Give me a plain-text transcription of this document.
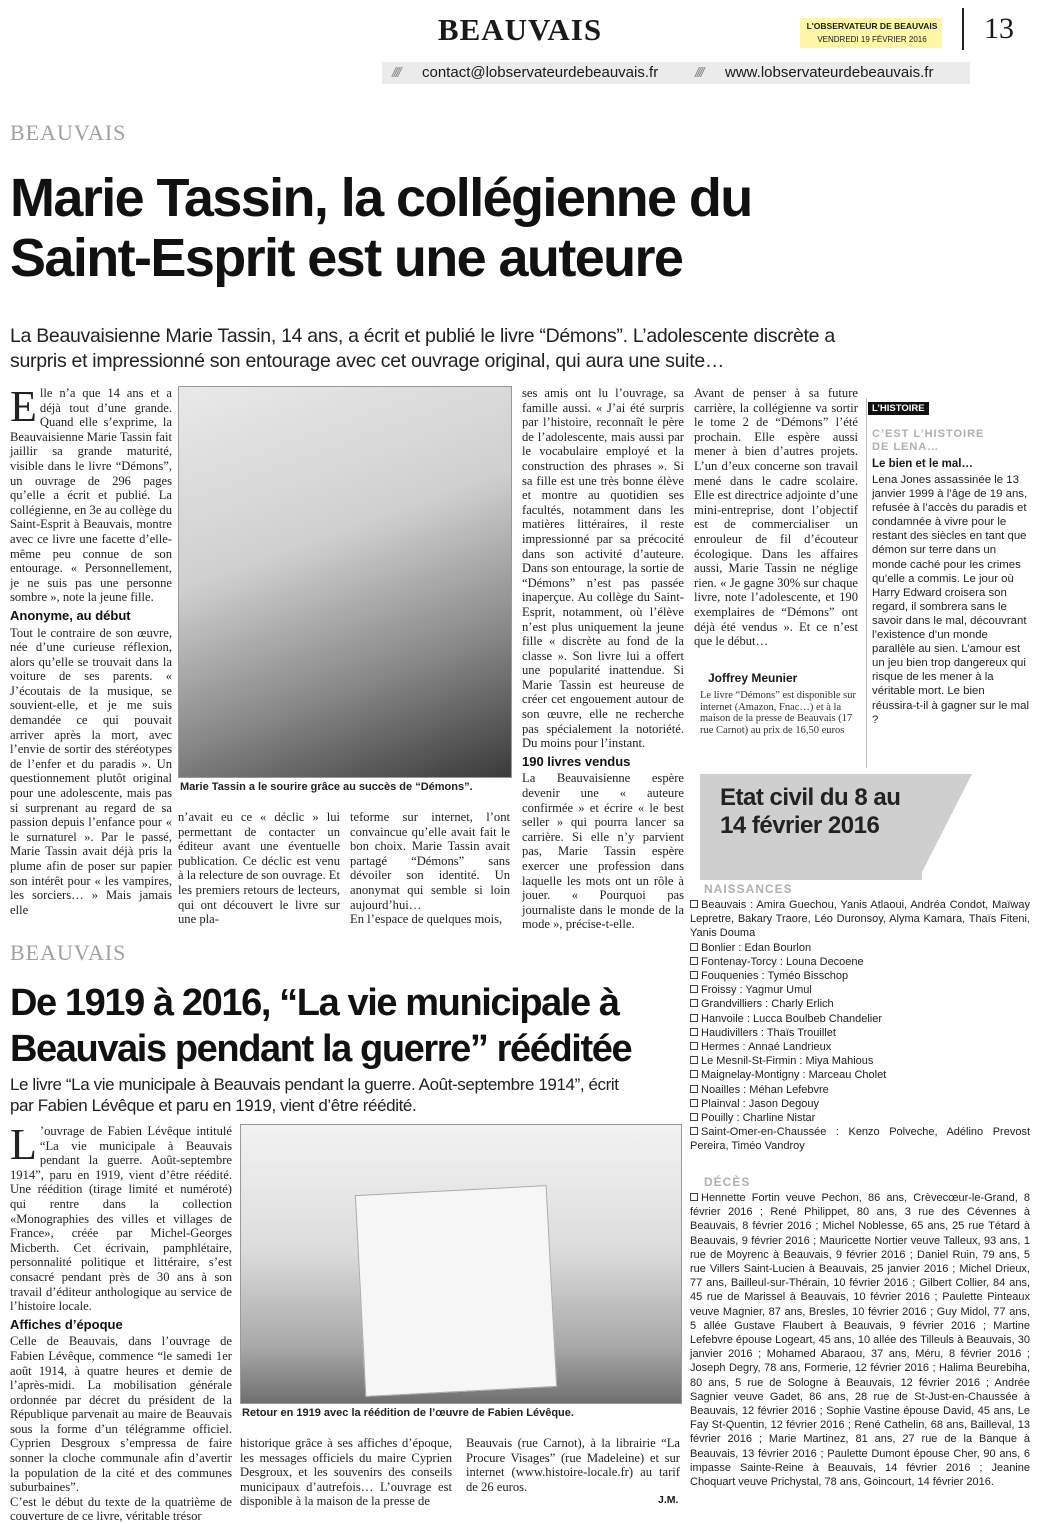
BEAUVAIS	L'OBSERVATEUR DE BEAUVAIS
VENDREDI 19 FÉVRIER 2016	13
//// contact@lobservateurdebeauvais.fr	//// www.lobservateurdebeauvais.fr
BEAUVAIS
Marie Tassin, la collégienne du
Saint-Esprit est une auteure
La Beauvaisienne Marie Tassin, 14 ans, a écrit et publié le livre “Démons”. L’adolescente discrète a
surpris et impressionné son entourage avec cet ouvrage original, qui aura une suite…

Elle n’a que 14 ans et a déjà tout d’une grande. Quand elle s’exprime, la Beauvaisienne Marie Tassin fait jaillir sa grande maturité, visible dans le livre “Démons”, un ouvrage de 296 pages qu’elle a écrit et publié. La collégienne, en 3e au collège du Saint-Esprit à Beauvais, montre avec ce livre une facette d’elle-même peu connue de son entourage. « Personnellement, je ne suis pas une personne sombre », note la jeune fille.

Anonyme, au début

Tout le contraire de son œuvre, née d’une curieuse réflexion, alors qu’elle se trouvait dans la voiture de ses parents. « J’écoutais de la musique, se souvient-elle, et je me suis demandée ce qui pouvait arriver après la mort, avec l’envie de sortir des stéréotypes de l’enfer et du paradis ». Un questionnement plutôt original pour une adolescente, mais pas si surprenant au regard de sa passion depuis l’enfance pour « le surnaturel ». Par le passé, Marie Tassin avait déjà pris la plume afin de poser sur papier son intérêt pour « les vampires, les sorciers… » Mais jamais elle

Marie Tassin a le sourire grâce au succès de “Démons”.
n’avait eu ce « déclic » lui permettant de contacter un éditeur avant une éventuelle publication. Ce déclic est venu à la relecture de son ouvrage. Et les premiers retours de lecteurs, qui ont découvert le livre sur une pla-

teforme sur internet, l’ont convaincue qu’elle avait fait le bon choix. Marie Tassin avait partagé “Démons” sans dévoiler son identité. Un anonymat qui semble si loin aujourd’hui…

En l’espace de quelques mois,

ses amis ont lu l’ouvrage, sa famille aussi. « J’ai été surpris par l’histoire, reconnaît le père de l’adolescente, mais aussi par le vocabulaire employé et la construction des phrases ». Si sa fille est une très bonne élève et montre au quotidien ses facultés, notamment dans les matières littéraires, il reste impressionné par sa précocité dans son activité d’auteure. Dans son entourage, la sortie de “Démons” n’est pas passée inaperçue. Au collège du Saint-Esprit, notamment, où l’élève n’est plus uniquement la jeune fille « discrète au fond de la classe ». Son livre lui a offert une popularité inattendue. Si Marie Tassin est heureuse de créer cet engouement autour de son œuvre, elle ne recherche pas spécialement la notoriété. Du moins pour l’instant.

190 livres vendus

La Beauvaisienne espère devenir une « auteure confirmée » et écrire « le best seller » qui pourra lancer sa carrière. Si elle n’y parvient pas, Marie Tassin espère exercer une profession dans laquelle les mots ont un rôle à jouer. « Pourquoi pas journaliste dans le monde de la mode », précise-t-elle.

Avant de penser à sa future carrière, la collégienne va sortir le tome 2 de “Démons” l’été prochain. Elle espère aussi mener à bien d’autres projets. L’un d’eux concerne son travail mené dans le cadre scolaire. Elle est directrice adjointe d’une mini-entreprise, dont l’objectif est de commercialiser un enrouleur de fil d’écouteur écologique. Dans les affaires aussi, Marie Tassin ne néglige rien. « Je gagne 30% sur chaque livre, note l’adolescente, et 190 exemplaires de “Démons” ont déjà été vendus ». Et ce n’est que le début…
Joffrey Meunier
Le livre “Démons” est disponible sur internet (Amazon, Fnac…) et à la maison de la presse de Beauvais (17 rue Carnot) au prix de 16,50 euros
L’HISTOIRE
C’EST L’HISTOIRE
DE LENA…
Le bien et le mal…
Lena Jones assassinée le 13 janvier 1999 à l’âge de 19 ans, refusée à l’accès du paradis et condamnée à vivre pour le restant des siècles en tant que démon sur terre dans un monde caché pour les crimes qu’elle a commis. Le jour où Harry Edward croisera son regard, il sombrera sans le savoir dans le mal, découvrant l’existence d’un monde parallèle au sien. L’amour est un jeu bien trop dangereux qui risque de les mener à la véritable mort. Le bien réussira-t-il à gagner sur le mal ?
Etat civil du 8 au
14 février 2016
NAISSANCES
Beauvais : Amira Guechou, Yanis Atlaoui, Andréa Condot, Maïway Lepretre, Bakary Traore, Léo Duronsoy, Alyma Kamara, Thaïs Fiteni, Yanis Douma
Bonlier : Edan Bourlon
Fontenay-Torcy : Louna Decoene
Fouquenies : Tyméo Bisschop
Froissy : Yagmur Umul
Grandvilliers : Charly Erlich
Hanvoile : Lucca Boulbeb Chandelier
Haudivillers : Thaïs Trouillet
Hermes : Annaé Landrieux
Le Mesnil-St-Firmin : Miya Mahious
Maignelay-Montigny : Marceau Cholet
Noailles : Méhan Lefebvre
Plainval : Jason Degouy
Pouilly : Charline Nistar
Saint-Omer-en-Chaussée : Kenzo Polveche, Adélino Prevost Pereira, Timéo Vandroy
DÉCÈS
Hennette Fortin veuve Pechon, 86 ans, Crèvecœur-le-Grand, 8 février 2016 ; René Philippet, 80 ans, 3 rue des Cévennes à Beauvais, 8 février 2016 ; Michel Noblesse, 65 ans, 25 rue Tétard à Beauvais, 9 février 2016 ; Mauricette Nortier veuve Talleux, 93 ans, 1 rue de Moyrenc à Beauvais, 9 février 2016 ; Daniel Ruin, 79 ans, 5 rue Villers Saint-Lucien à Beauvais, 25 janvier 2016 ; Michel Drieux, 77 ans, Bailleul-sur-Thérain, 10 février 2016 ; Gilbert Collier, 84 ans, 45 rue de Marissel à Beauvais, 10 février 2016 ; Paulette Pinteaux veuve Magnier, 87 ans, Bresles, 10 février 2016 ; Guy Midol, 77 ans, 5 allée Gustave Flaubert à Beauvais, 9 février 2016 ; Martine Lefebvre épouse Logeart, 45 ans, 10 allée des Tilleuls à Beauvais, 30 janvier 2016 ; Mohamed Abaraou, 37 ans, Méru, 8 février 2016 ; Joseph Degry, 78 ans, Formerie, 12 février 2016 ; Halima Beurebiha, 80 ans, 5 rue de Sologne à Beauvais, 12 février 2016 ; Andrée Sagnier veuve Gadet, 86 ans, 28 rue de St-Just-en-Chaussée à Beauvais, 12 février 2016 ; Sophie Vastine épouse David, 45 ans, Le Fay St-Quentin, 12 février 2016 ; René Cathelin, 68 ans, Bailleval, 13 février 2016 ; Marie Martinez, 81 ans, 27 rue de la Banque à Beauvais, 13 février 2016 ; Paulette Dumont épouse Cher, 90 ans, 6 impasse Sainte-Reine à Beauvais, 14 février 2016 ; Jeanine Choquart veuve Prichystal, 78 ans, Goincourt, 14 février 2016.
BEAUVAIS
De 1919 à 2016, “La vie municipale à
Beauvais pendant la guerre” rééditée
Le livre “La vie municipale à Beauvais pendant la guerre. Août-septembre 1914”, écrit
par Fabien Lévêque et paru en 1919, vient d’être réédité.

L ’ouvrage de Fabien Lévêque intitulé “La vie municipale à Beauvais pendant la guerre. Août-septembre 1914”, paru en 1919, vient d’être réédité. Une réédition (tirage limité et numéroté) qui rentre dans la collection «Monographies des villes et villages de France», créée par Michel-Georges Micberth. Cet écrivain, pamphlétaire, personnalité politique et littéraire, s’est consacré pendant près de 30 ans à son travail d’éditeur anthologique au service de l’histoire locale.

Affiches d’époque

Celle de Beauvais, dans l’ouvrage de Fabien Lévêque, commence “le samedi 1er août 1914, à quatre heures et demie de l’après-midi. La mobilisation générale ordonnée par décret du président de la République parvenait au maire de Beauvais sous la forme d’un télégramme officiel. Cyprien Desgroux s’empressa de faire sonner la cloche communale afin d’avertir la population de la cité et des communes suburbaines”.

C’est le début du texte de la quatrième de couverture de ce livre, véritable trésor

Retour en 1919 avec la réédition de l’œuvre de Fabien Lévêque.
historique grâce à ses affiches d’époque, les messages officiels du maire Cyprien Desgroux, et les souvenirs des conseils municipaux d’autrefois… L’ouvrage est disponible à la maison de la presse de
Beauvais (rue Carnot), à la librairie “La Procure Visages” (rue Madeleine) et sur internet (www.histoire-locale.fr) au tarif de 26 euros.
J.M.
